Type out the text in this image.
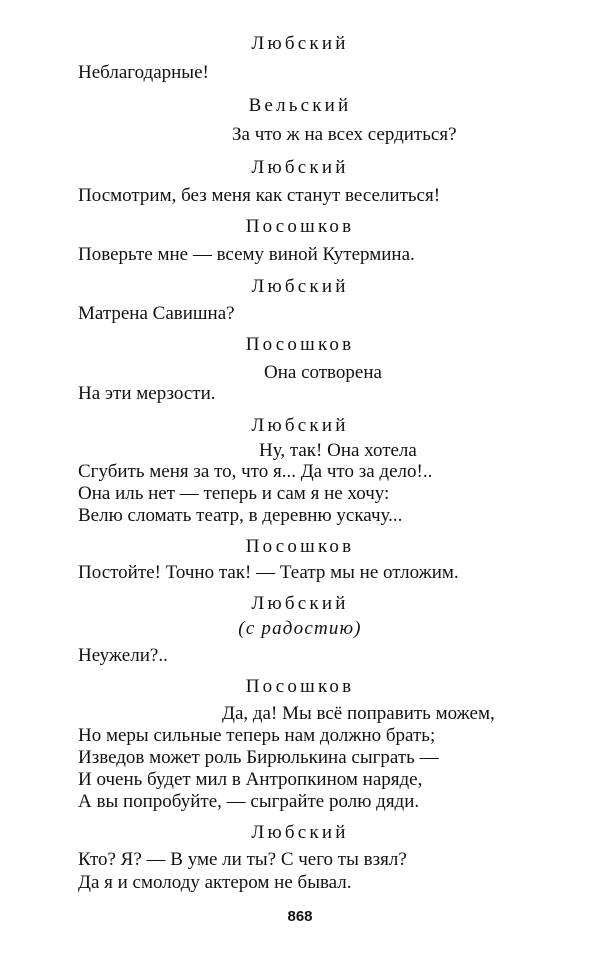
Любский
Неблагодарные!
Вельский
За что ж на всех сердиться?
Любский
Посмотрим, без меня как станут веселиться!
Посошков
Поверьте мне — всему виной Кутермина.
Любский
Матрена Савишна?
Посошков
Она сотворена
На эти мерзости.
Любский
Ну, так! Она хотела
Сгубить меня за то, что я... Да что за дело!..
Она иль нет — теперь и сам я не хочу:
Велю сломать театр, в деревню ускачу...
Посошков
Постойте! Точно так! — Театр мы не отложим.
Любский
(с радостию)
Неужели?..
Посошков
Да, да! Мы всё поправить можем,
Но меры сильные теперь нам должно брать;
Изведов может роль Бирюлькина сыграть —
И очень будет мил в Антропкином наряде,
А вы попробуйте, — сыграйте ролю дяди.
Любский
Кто? Я? — В уме ли ты? С чего ты взял?
Да я и смолоду актером не бывал.
868
